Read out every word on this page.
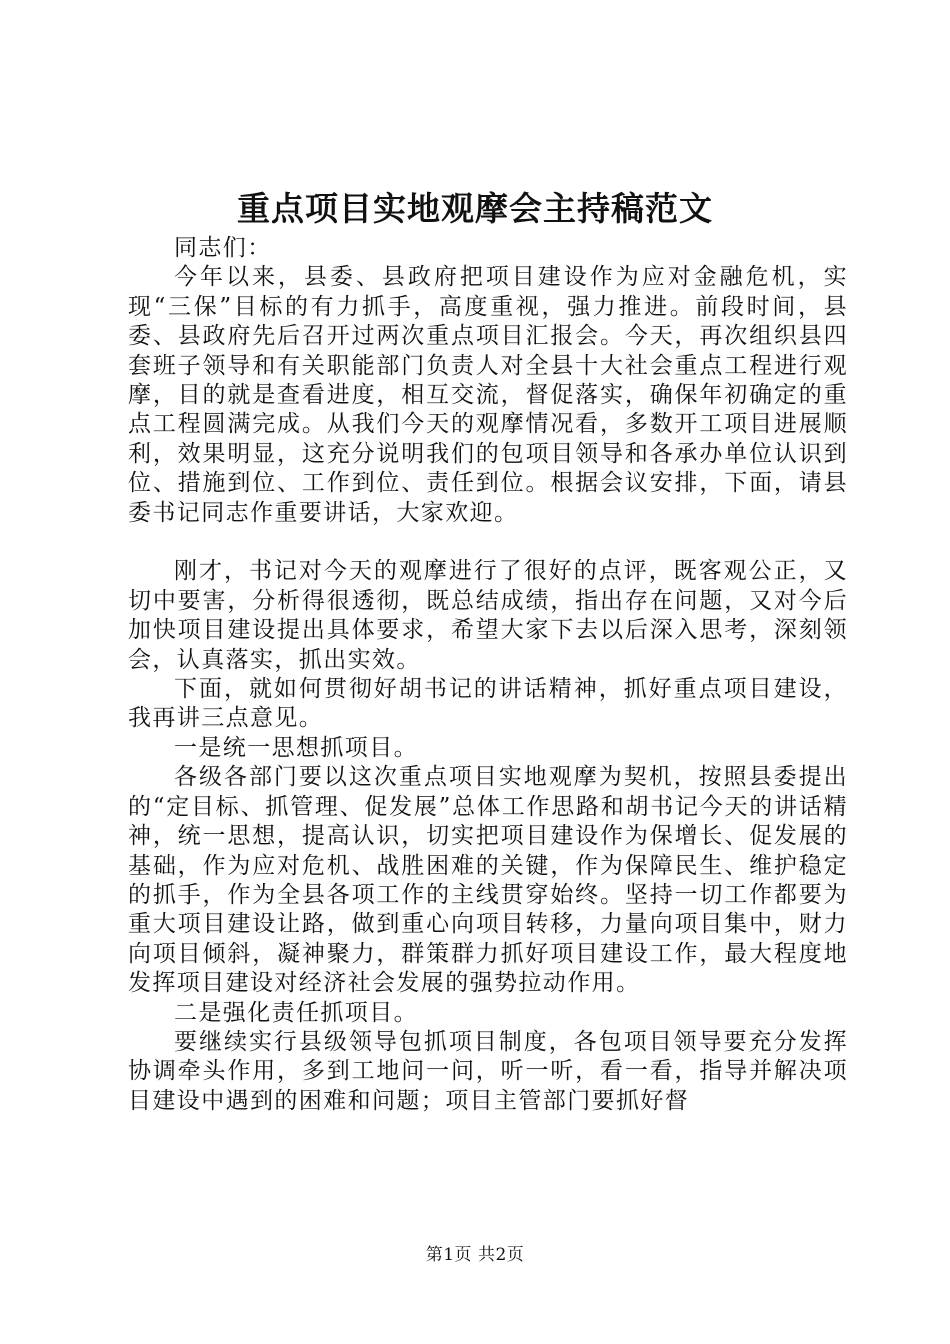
重点项目实地观摩会主持稿范文

同志们：

今年以来，县委、县政府把项目建设作为应对金融危机，实现“三保”目标的有力抓手，高度重视，强力推进。前段时间，县委、县政府先后召开过两次重点项目汇报会。今天，再次组织县四套班子领导和有关职能部门负责人对全县十大社会重点工程进行观摩，目的就是查看进度，相互交流，督促落实，确保年初确定的重点工程圆满完成。从我们今天的观摩情况看，多数开工项目进展顺利，效果明显，这充分说明我们的包项目领导和各承办单位认识到位、措施到位、工作到位、责任到位。根据会议安排，下面，请县委书记同志作重要讲话，大家欢迎。

刚才，书记对今天的观摩进行了很好的点评，既客观公正，又切中要害，分析得很透彻，既总结成绩，指出存在问题，又对今后加快项目建设提出具体要求，希望大家下去以后深入思考，深刻领会，认真落实，抓出实效。

下面，就如何贯彻好胡书记的讲话精神，抓好重点项目建设，我再讲三点意见。

一是统一思想抓项目。

各级各部门要以这次重点项目实地观摩为契机，按照县委提出的“定目标、抓管理、促发展”总体工作思路和胡书记今天的讲话精神，统一思想，提高认识，切实把项目建设作为保增长、促发展的基础，作为应对危机、战胜困难的关键，作为保障民生、维护稳定的抓手，作为全县各项工作的主线贯穿始终。坚持一切工作都要为重大项目建设让路，做到重心向项目转移，力量向项目集中，财力向项目倾斜，凝神聚力，群策群力抓好项目建设工作，最大程度地发挥项目建设对经济社会发展的强势拉动作用。

二是强化责任抓项目。

要继续实行县级领导包抓项目制度，各包项目领导要充分发挥协调牵头作用，多到工地问一问，听一听，看一看，指导并解决项目建设中遇到的困难和问题；项目主管部门要抓好督

第1页 共2页
